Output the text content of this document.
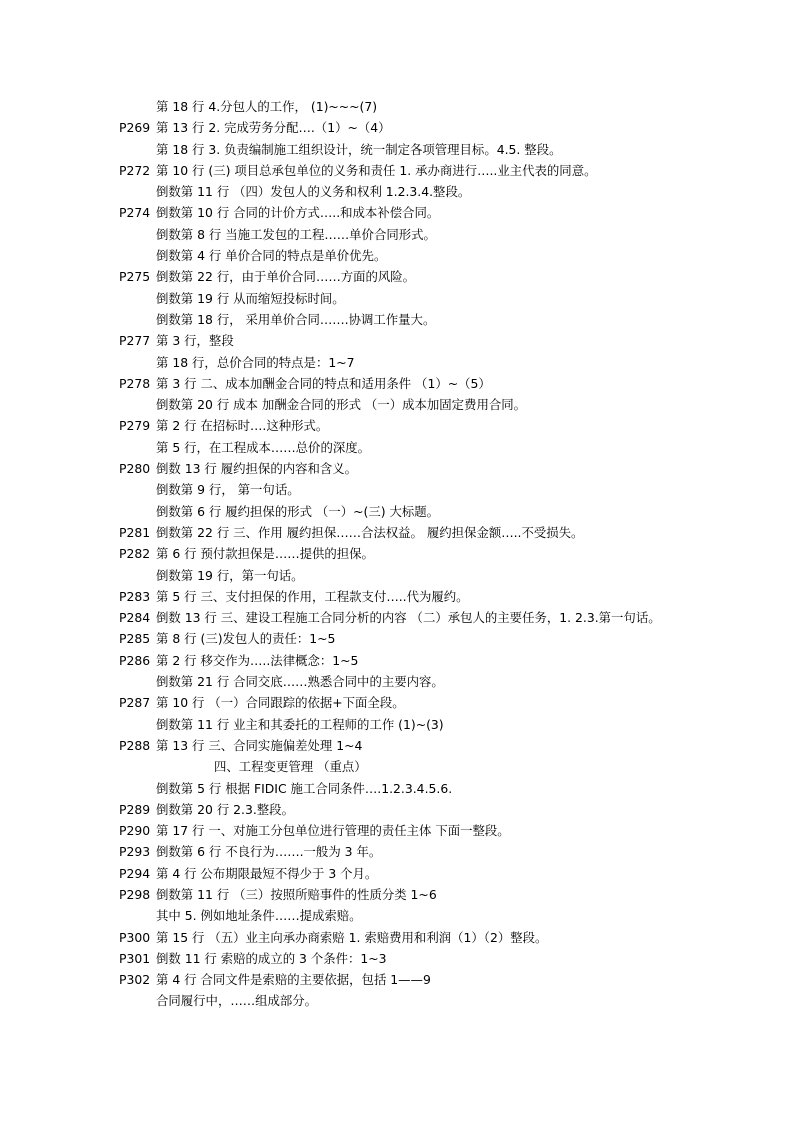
第 18 行 4.分包人的工作， (1)~~~(7)
P269 第 13 行 2. 完成劳务分配….（1）~（4）
第 18 行 3. 负责编制施工组织设计，统一制定各项管理目标。4.5. 整段。
P272 第 10 行 (三) 项目总承包单位的义务和责任 1. 承办商进行…..业主代表的同意。
倒数第 11 行 （四）发包人的义务和权利 1.2.3.4.整段。
P274 倒数第 10 行 合同的计价方式…..和成本补偿合同。
倒数第 8 行 当施工发包的工程……单价合同形式。
倒数第 4 行 单价合同的特点是单价优先。
P275 倒数第 22 行，由于单价合同……方面的风险。
倒数第 19 行 从而缩短投标时间。
倒数第 18 行， 采用单价合同…….协调工作量大。
P277 第 3 行，整段
第 18 行，总价合同的特点是：1~7
P278 第 3 行 二、成本加酬金合同的特点和适用条件 （1）~（5）
倒数第 20 行 成本 加酬金合同的形式 （一）成本加固定费用合同。
P279 第 2 行 在招标时….这种形式。
第 5 行，在工程成本……总价的深度。
P280 倒数 13 行 履约担保的内容和含义。
倒数第 9 行， 第一句话。
倒数第 6 行 履约担保的形式 （一）~(三) 大标题。
P281 倒数第 22 行 三、作用 履约担保……合法权益。 履约担保金额…..不受损失。
P282 第 6 行 预付款担保是……提供的担保。
倒数第 19 行，第一句话。
P283 第 5 行 三、支付担保的作用，工程款支付…..代为履约。
P284 倒数 13 行 三、建设工程施工合同分析的内容 （二）承包人的主要任务，1. 2.3.第一句话。
P285 第 8 行 (三)发包人的责任：1~5
P286 第 2 行 移交作为…..法律概念：1~5
倒数第 21 行 合同交底……熟悉合同中的主要内容。
P287 第 10 行 （一）合同跟踪的依据+下面全段。
倒数第 11 行 业主和其委托的工程师的工作 (1)~(3)
P288 第 13 行 三、合同实施偏差处理 1~4
四、工程变更管理 （重点）
倒数第 5 行 根据 FIDIC 施工合同条件….1.2.3.4.5.6.
P289 倒数第 20 行 2.3.整段。
P290 第 17 行 一、对施工分包单位进行管理的责任主体 下面一整段。
P293 倒数第 6 行 不良行为…….一般为 3 年。
P294 第 4 行 公布期限最短不得少于 3 个月。
P298 倒数第 11 行 （三）按照所赔事件的性质分类 1~6
其中 5. 例如地址条件……提成索赔。
P300 第 15 行 （五）业主向承办商索赔 1. 索赔费用和利润（1）（2）整段。
P301 倒数 11 行 索赔的成立的 3 个条件：1~3
P302 第 4 行 合同文件是索赔的主要依据，包括 1——9
合同履行中，……组成部分。
